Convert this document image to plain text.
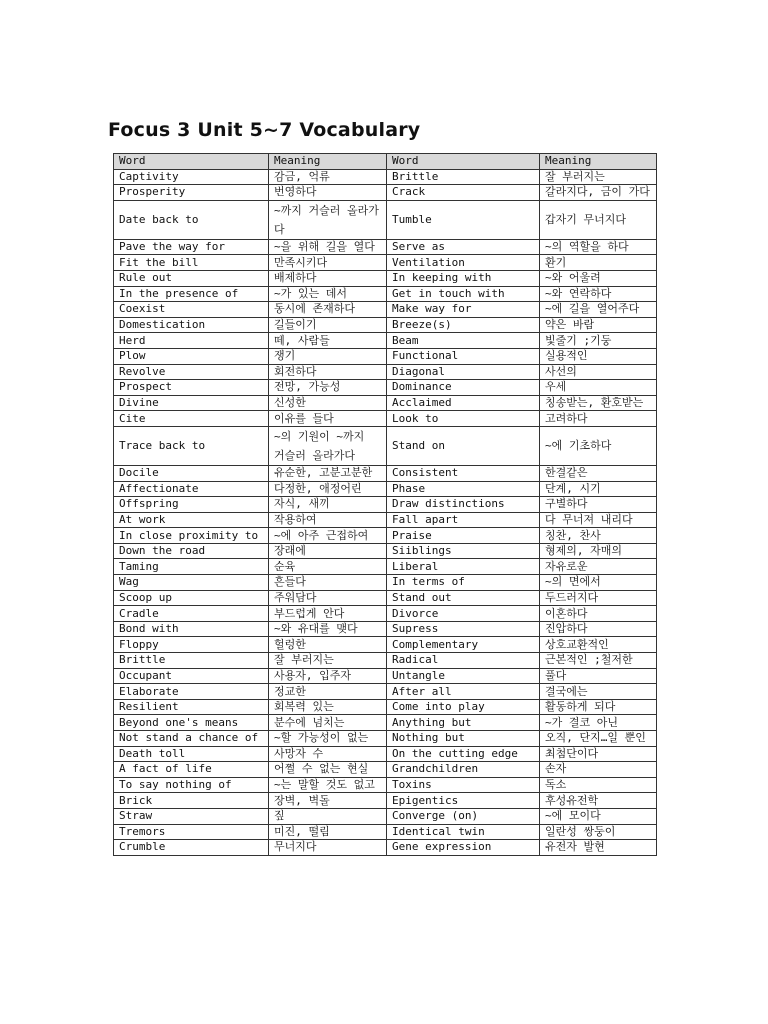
Focus 3 Unit 5~7 Vocabulary
Word	Meaning	Word	Meaning
Captivity	감금, 억류	Brittle	잘 부러지는
Prosperity	번영하다	Crack	갈라지다, 금이 가다
Date back to	~까지 거슬러 올라가다	Tumble	갑자기 무너지다
Pave the way for	~을 위해 길을 열다	Serve as	~의 역할을 하다
Fit the bill	만족시키다	Ventilation	환기
Rule out	배제하다	In keeping with	~와 어울려
In the presence of	~가 있는 데서	Get in touch with	~와 연락하다
Coexist	동시에 존재하다	Make way for	~에 길을 열어주다
Domestication	길들이기	Breeze(s)	약은 바람
Herd	떼, 사람들	Beam	빛줄기 ;기둥
Plow	쟁기	Functional	실용적인
Revolve	회전하다	Diagonal	사선의
Prospect	전망, 가능성	Dominance	우세
Divine	신성한	Acclaimed	칭송받는, 환호받는
Cite	이유를 들다	Look to	고려하다
Trace back to	~의 기원이 ~까지 거슬러 올라가다	Stand on	~에 기초하다
Docile	유순한, 고분고분한	Consistent	한결같은
Affectionate	다정한, 애정어린	Phase	단계, 시기
Offspring	자식, 새끼	Draw distinctions	구별하다
At work	작용하여	Fall apart	다 무너져 내리다
In close proximity to	~에 아주 근접하여	Praise	칭찬, 찬사
Down the road	장래에	Siiblings	형제의, 자매의
Taming	순육	Liberal	자유로운
Wag	흔들다	In terms of	~의 면에서
Scoop up	주워담다	Stand out	두드러지다
Cradle	부드럽게 안다	Divorce	이혼하다
Bond with	~와 유대를 맺다	Supress	진압하다
Floppy	헐렁한	Complementary	상호교환적인
Brittle	잘 부러지는	Radical	근본적인 ;철저한
Occupant	사용자, 입주자	Untangle	풀다
Elaborate	정교한	After all	결국에는
Resilient	회복력 있는	Come into play	활동하게 되다
Beyond one's means	분수에 넘치는	Anything but	~가 결코 아닌
Not stand a chance of	~할 가능성이 없는	Nothing but	오직, 단지…일 뿐인
Death toll	사망자 수	On the cutting edge	최첨단이다
A fact of life	어쩔 수 없는 현실	Grandchildren	손자
To say nothing of	~는 말할 것도 없고	Toxins	독소
Brick	장벽, 벽돌	Epigentics	후성유전학
Straw	짚	Converge (on)	~에 모이다
Tremors	미진, 떨림	Identical twin	일란성 쌍둥이
Crumble	무너지다	Gene expression	유전자 발현
